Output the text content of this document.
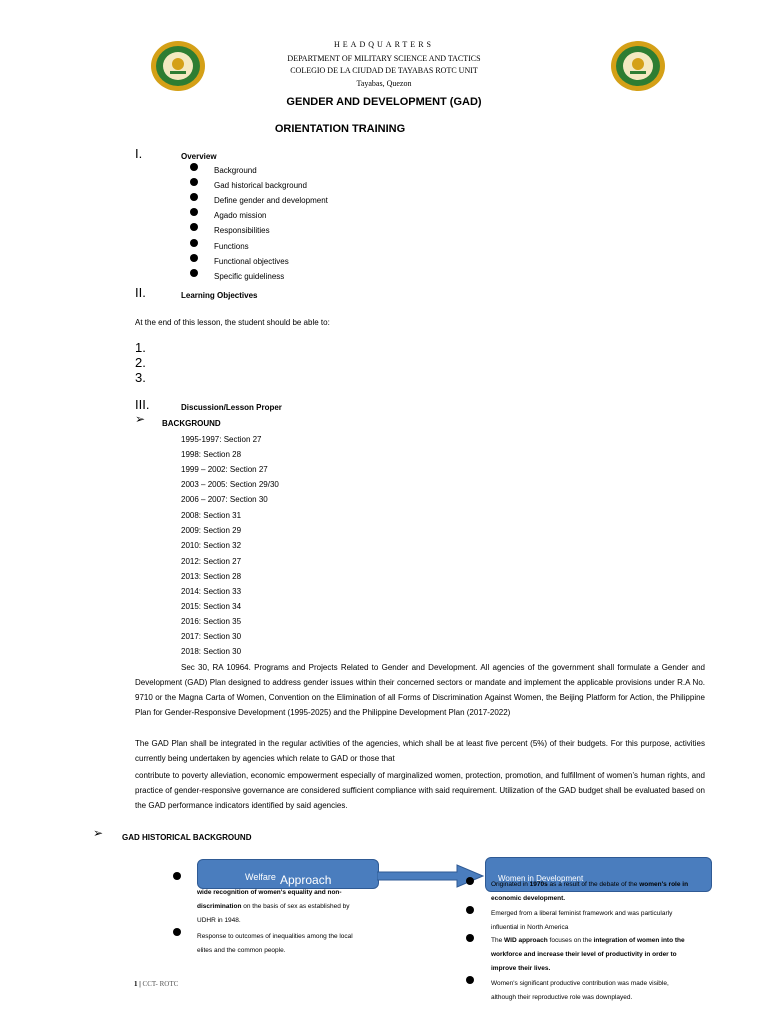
HEADQUARTERS
DEPARTMENT OF MILITARY SCIENCE AND TACTICS
COLEGIO DE LA CIUDAD DE TAYABAS ROTC UNIT
Tayabas, Quezon
GENDER AND DEVELOPMENT (GAD)
ORIENTATION TRAINING
I.	Overview
Background
Gad historical background
Define gender and development
Agado mission
Responsibilities
Functions
Functional objectives
Specific guideliness
II.	Learning Objectives
At the end of this lesson, the student should be able to:
1.
2.
3.
III.	Discussion/Lesson Proper
➢ BACKGROUND
1995-1997: Section 27
1998: Section 28
1999 – 2002: Section 27
2003 – 2005: Section 29/30
2006 – 2007: Section 30
2008: Section 31
2009: Section 29
2010: Section 32
2012: Section 27
2013: Section 28
2014: Section 33
2015: Section 34
2016: Section 35
2017: Section 30
2018: Section 30
Sec 30, RA 10964. Programs and Projects Related to Gender and Development. All agencies of the government shall formulate a Gender and Development (GAD) Plan designed to address gender issues within their concerned sectors or mandate and implement the applicable provisions under R.A No. 9710 or the Magna Carta of Women, Convention on the Elimination of all Forms of Discrimination Against Women, the Beijing Platform for Action, the Philippine Plan for Gender-Responsive Development (1995-2025) and the Philippine Development Plan (2017-2022)
The GAD Plan shall be integrated in the regular activities of the agencies, which shall be at least five percent (5%) of their budgets. For this purpose, activities currently being undertaken by agencies which relate to GAD or those that
contribute to poverty alleviation, economic empowerment especially of marginalized women, protection, promotion, and fulfillment of women’s human rights, and practice of gender-responsive governance are considered sufficient compliance with said requirement. Utilization of the GAD budget shall be evaluated based on the GAD performance indicators identified by said agencies.
➢ GAD HISTORICAL BACKGROUND
wide recognition of women's equality and non-
discrimination on the basis of sex as established by
UDHR in 1948.
Response to outcomes of inequalities among the local
elites and the common people.
Welfare Approach	Women in Development
Originated in 1970s as a result of the debate of the women's role in
economic development.
Emerged from a liberal feminist framework and was particularly
influential in North America
The WID approach focuses on the integration of women into the
workforce and increase their level of productivity in order to
improve their lives.
Women's significant productive contribution was made visible,
although their reproductive role was downplayed.
1 | CCT- ROTC
